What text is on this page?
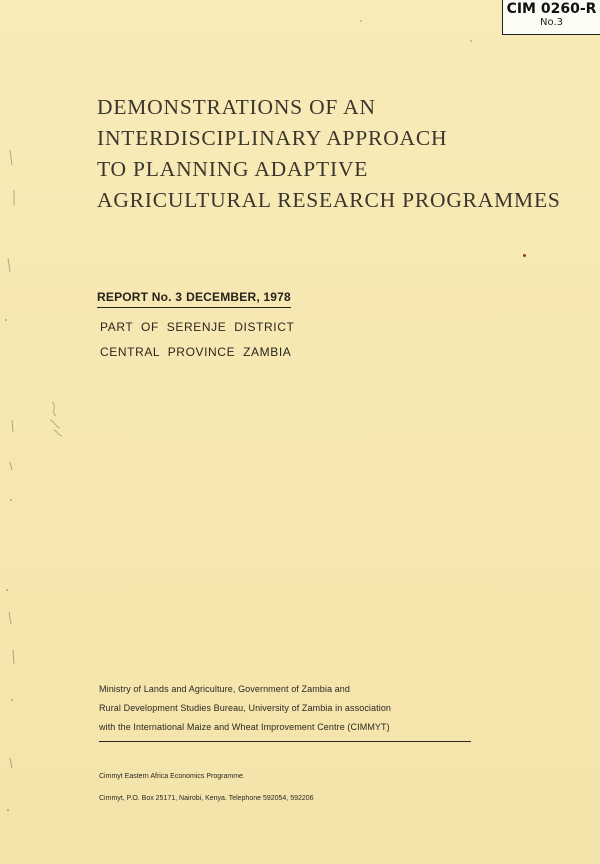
CIM 0260-R
No.3
DEMONSTRATIONS OF AN
INTERDISCIPLINARY APPROACH
TO PLANNING ADAPTIVE
AGRICULTURAL RESEARCH PROGRAMMES
REPORT No. 3 DECEMBER, 1978
PART OF SERENJE DISTRICT
CENTRAL PROVINCE ZAMBIA
Ministry of Lands and Agriculture, Government of Zambia and
Rural Development Studies Bureau, University of Zambia in association
with the International Maize and Wheat Improvement Centre (CIMMYT)
Cimmyt Eastern Africa Economics Programme.
Cimmyt, P.O. Box 25171, Nairobi, Kenya. Telephone 592054, 592206
